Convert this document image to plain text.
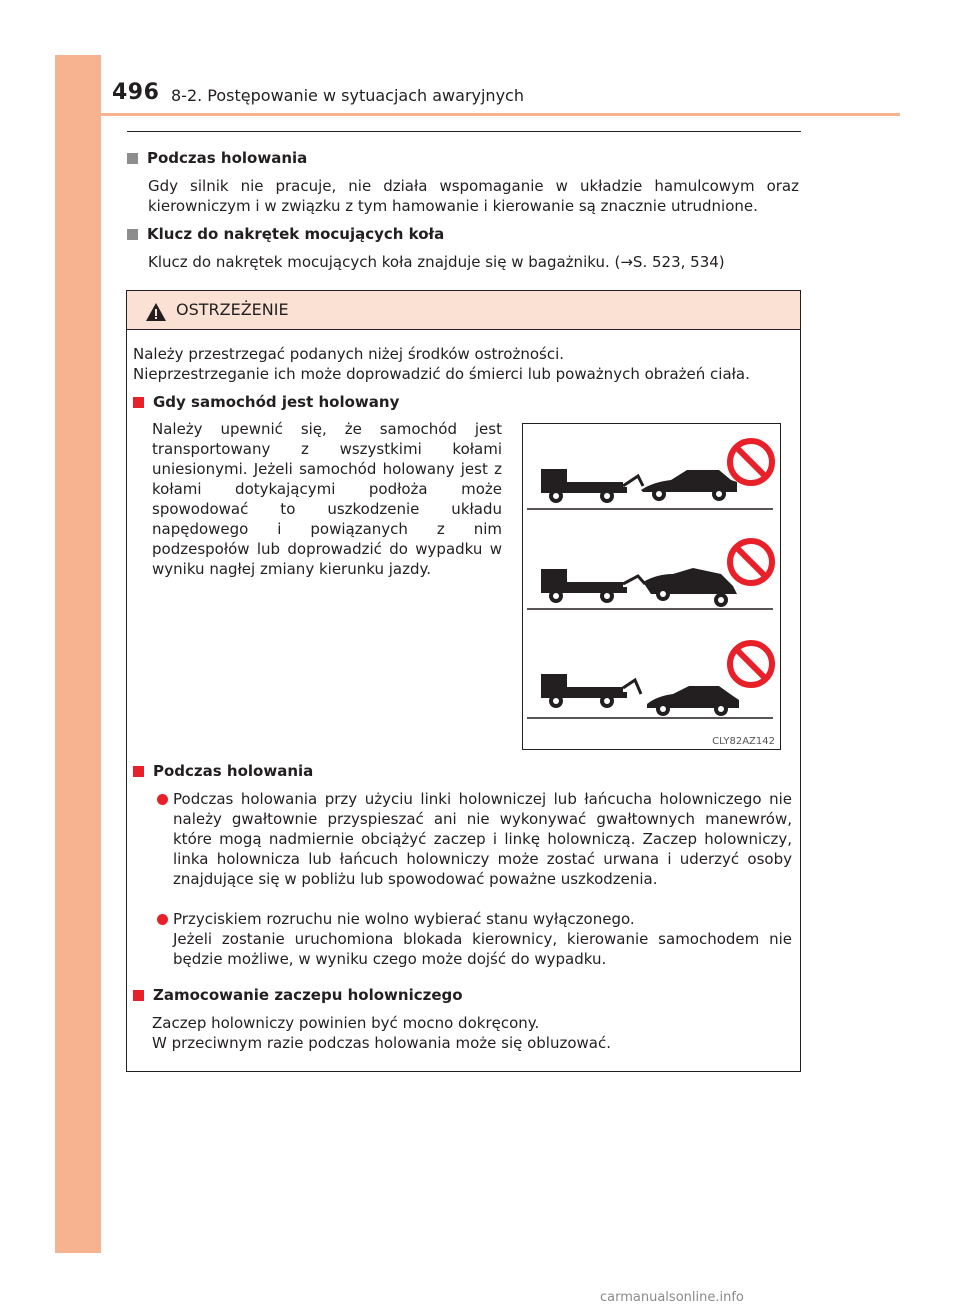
496 8-2. Postępowanie w sytuacjach awaryjnych
Podczas holowania
Gdy silnik nie pracuje, nie działa wspomaganie w układzie hamulcowym oraz kierowniczym i w związku z tym hamowanie i kierowanie są znacznie utrudnione.
Klucz do nakrętek mocujących koła
Klucz do nakrętek mocujących koła znajduje się w bagażniku. (→S. 523, 534)
OSTRZEŻENIE
Należy przestrzegać podanych niżej środków ostrożności.
Nieprzestrzeganie ich może doprowadzić do śmierci lub poważnych obrażeń ciała.
Gdy samochód jest holowany
Należy upewnić się, że samochód jest transportowany z wszystkimi kołami uniesionymi. Jeżeli samochód holowany jest z kołami dotykającymi podłoża może spowodować to uszkodzenie układu napędowego i powiązanych z nim podzespołów lub doprowadzić do wypadku w wyniku nagłej zmiany kierunku jazdy.
CLY82AZ142
Podczas holowania
Podczas holowania przy użyciu linki holowniczej lub łańcucha holowniczego nie należy gwałtownie przyspieszać ani nie wykonywać gwałtownych manewrów, które mogą nadmiernie obciążyć zaczep i linkę holowniczą. Zaczep holowniczy, linka holownicza lub łańcuch holowniczy może zostać urwana i uderzyć osoby znajdujące się w pobliżu lub spowodować poważne uszkodzenia.
Przyciskiem rozruchu nie wolno wybierać stanu wyłączonego.
Jeżeli zostanie uruchomiona blokada kierownicy, kierowanie samochodem nie będzie możliwe, w wyniku czego może dojść do wypadku.
Zamocowanie zaczepu holowniczego
Zaczep holowniczy powinien być mocno dokręcony.
W przeciwnym razie podczas holowania może się obluzować.
carmanualsonline.info
